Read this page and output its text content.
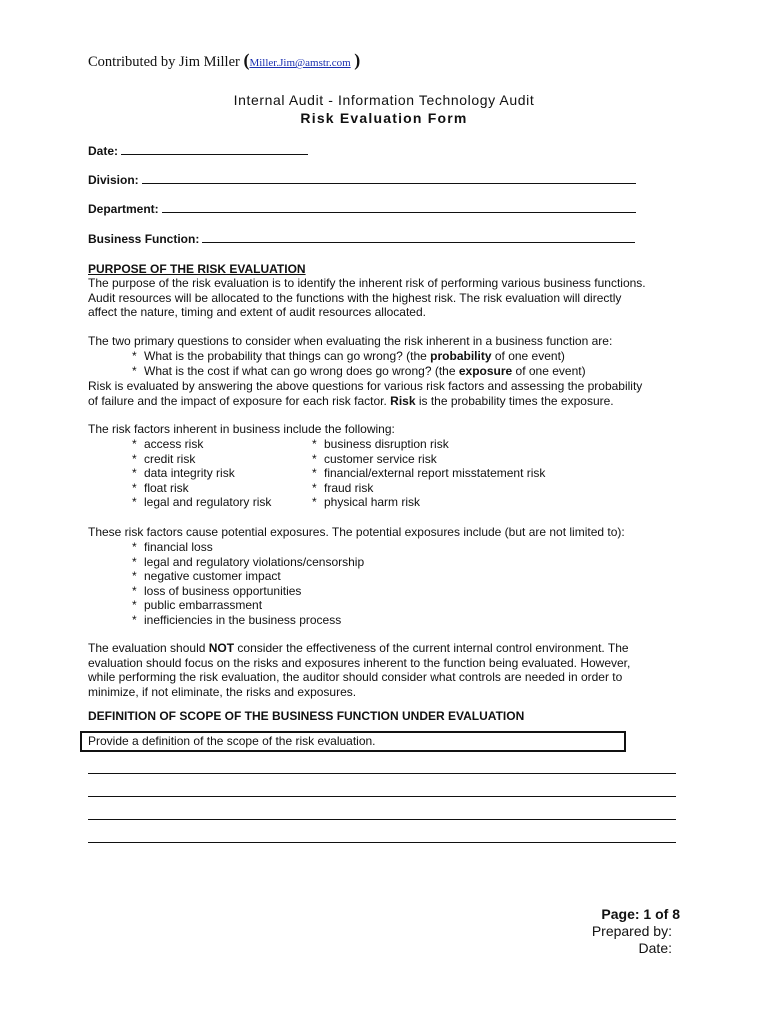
Contributed by Jim Miller (Miller.Jim@amstr.com )
Internal Audit - Information Technology Audit
Risk Evaluation Form
Date:
Division:
Department:
Business Function:
PURPOSE OF THE RISK EVALUATION
The purpose of the risk evaluation is to identify the inherent risk of performing various business functions.
Audit resources will be allocated to the functions with the highest risk. The risk evaluation will directly
affect the nature, timing and extent of audit resources allocated.
The two primary questions to consider when evaluating the risk inherent in a business function are:
* What is the probability that things can go wrong? (the probability of one event)
* What is the cost if what can go wrong does go wrong? (the exposure of one event)
Risk is evaluated by answering the above questions for various risk factors and assessing the probability
of failure and the impact of exposure for each risk factor. Risk is the probability times the exposure.
The risk factors inherent in business include the following:
* access risk
* credit risk
* data integrity risk
* float risk
* legal and regulatory risk
* business disruption risk
* customer service risk
* financial/external report misstatement risk
* fraud risk
* physical harm risk
These risk factors cause potential exposures. The potential exposures include (but are not limited to):
* financial loss
* legal and regulatory violations/censorship
* negative customer impact
* loss of business opportunities
* public embarrassment
* inefficiencies in the business process
The evaluation should NOT consider the effectiveness of the current internal control environment. The
evaluation should focus on the risks and exposures inherent to the function being evaluated. However,
while performing the risk evaluation, the auditor should consider what controls are needed in order to
minimize, if not eliminate, the risks and exposures.
DEFINITION OF SCOPE OF THE BUSINESS FUNCTION UNDER EVALUATION
Provide a definition of the scope of the risk evaluation.
Page: 1 of 8
Prepared by:
Date:
